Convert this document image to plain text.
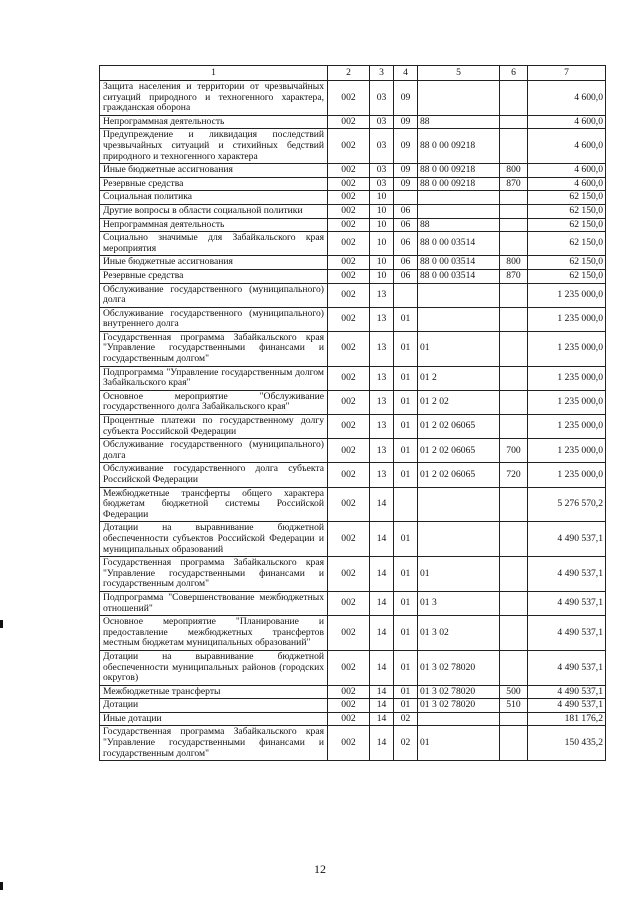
1	2	3	4	5	6	7
Защита населения и территории от чрезвычайных ситуаций природного и техногенного характера, гражданская оборона	002	03	09			4 600,0
Непрограммная деятельность	002	03	09	88		4 600,0
Предупреждение и ликвидация последствий чрезвычайных ситуаций и стихийных бедствий природного и техногенного характера	002	03	09	88 0 00 09218		4 600,0
Иные бюджетные ассигнования	002	03	09	88 0 00 09218	800	4 600,0
Резервные средства	002	03	09	88 0 00 09218	870	4 600,0
Социальная политика	002	10				62 150,0
Другие вопросы в области социальной политики	002	10	06			62 150,0
Непрограммная деятельность	002	10	06	88		62 150,0
Социально значимые для Забайкальского края мероприятия	002	10	06	88 0 00 03514		62 150,0
Иные бюджетные ассигнования	002	10	06	88 0 00 03514	800	62 150,0
Резервные средства	002	10	06	88 0 00 03514	870	62 150,0
Обслуживание государственного (муниципального) долга	002	13				1 235 000,0
Обслуживание государственного (муниципального) внутреннего долга	002	13	01			1 235 000,0
Государственная программа Забайкальского края "Управление государственными финансами и государственным долгом"	002	13	01	01		1 235 000,0
Подпрограмма "Управление государственным долгом Забайкальского края"	002	13	01	01 2		1 235 000,0
Основное мероприятие "Обслуживание государственного долга Забайкальского края"	002	13	01	01 2 02		1 235 000,0
Процентные платежи по государственному долгу субъекта Российской Федерации	002	13	01	01 2 02 06065		1 235 000,0
Обслуживание государственного (муниципального) долга	002	13	01	01 2 02 06065	700	1 235 000,0
Обслуживание государственного долга субъекта Российской Федерации	002	13	01	01 2 02 06065	720	1 235 000,0
Межбюджетные трансферты общего характера бюджетам бюджетной системы Российской Федерации	002	14				5 276 570,2
Дотации на выравнивание бюджетной обеспеченности субъектов Российской Федерации и муниципальных образований	002	14	01			4 490 537,1
Государственная программа Забайкальского края "Управление государственными финансами и государственным долгом"	002	14	01	01		4 490 537,1
Подпрограмма "Совершенствование межбюджетных отношений"	002	14	01	01 3		4 490 537,1
Основное мероприятие "Планирование и предоставление межбюджетных трансфертов местным бюджетам муниципальных образований"	002	14	01	01 3 02		4 490 537,1
Дотации на выравнивание бюджетной обеспеченности муниципальных районов (городских округов)	002	14	01	01 3 02 78020		4 490 537,1
Межбюджетные трансферты	002	14	01	01 3 02 78020	500	4 490 537,1
Дотации	002	14	01	01 3 02 78020	510	4 490 537,1
Иные дотации	002	14	02			181 176,2
Государственная программа Забайкальского края "Управление государственными финансами и государственным долгом"	002	14	02	01		150 435,2
12
